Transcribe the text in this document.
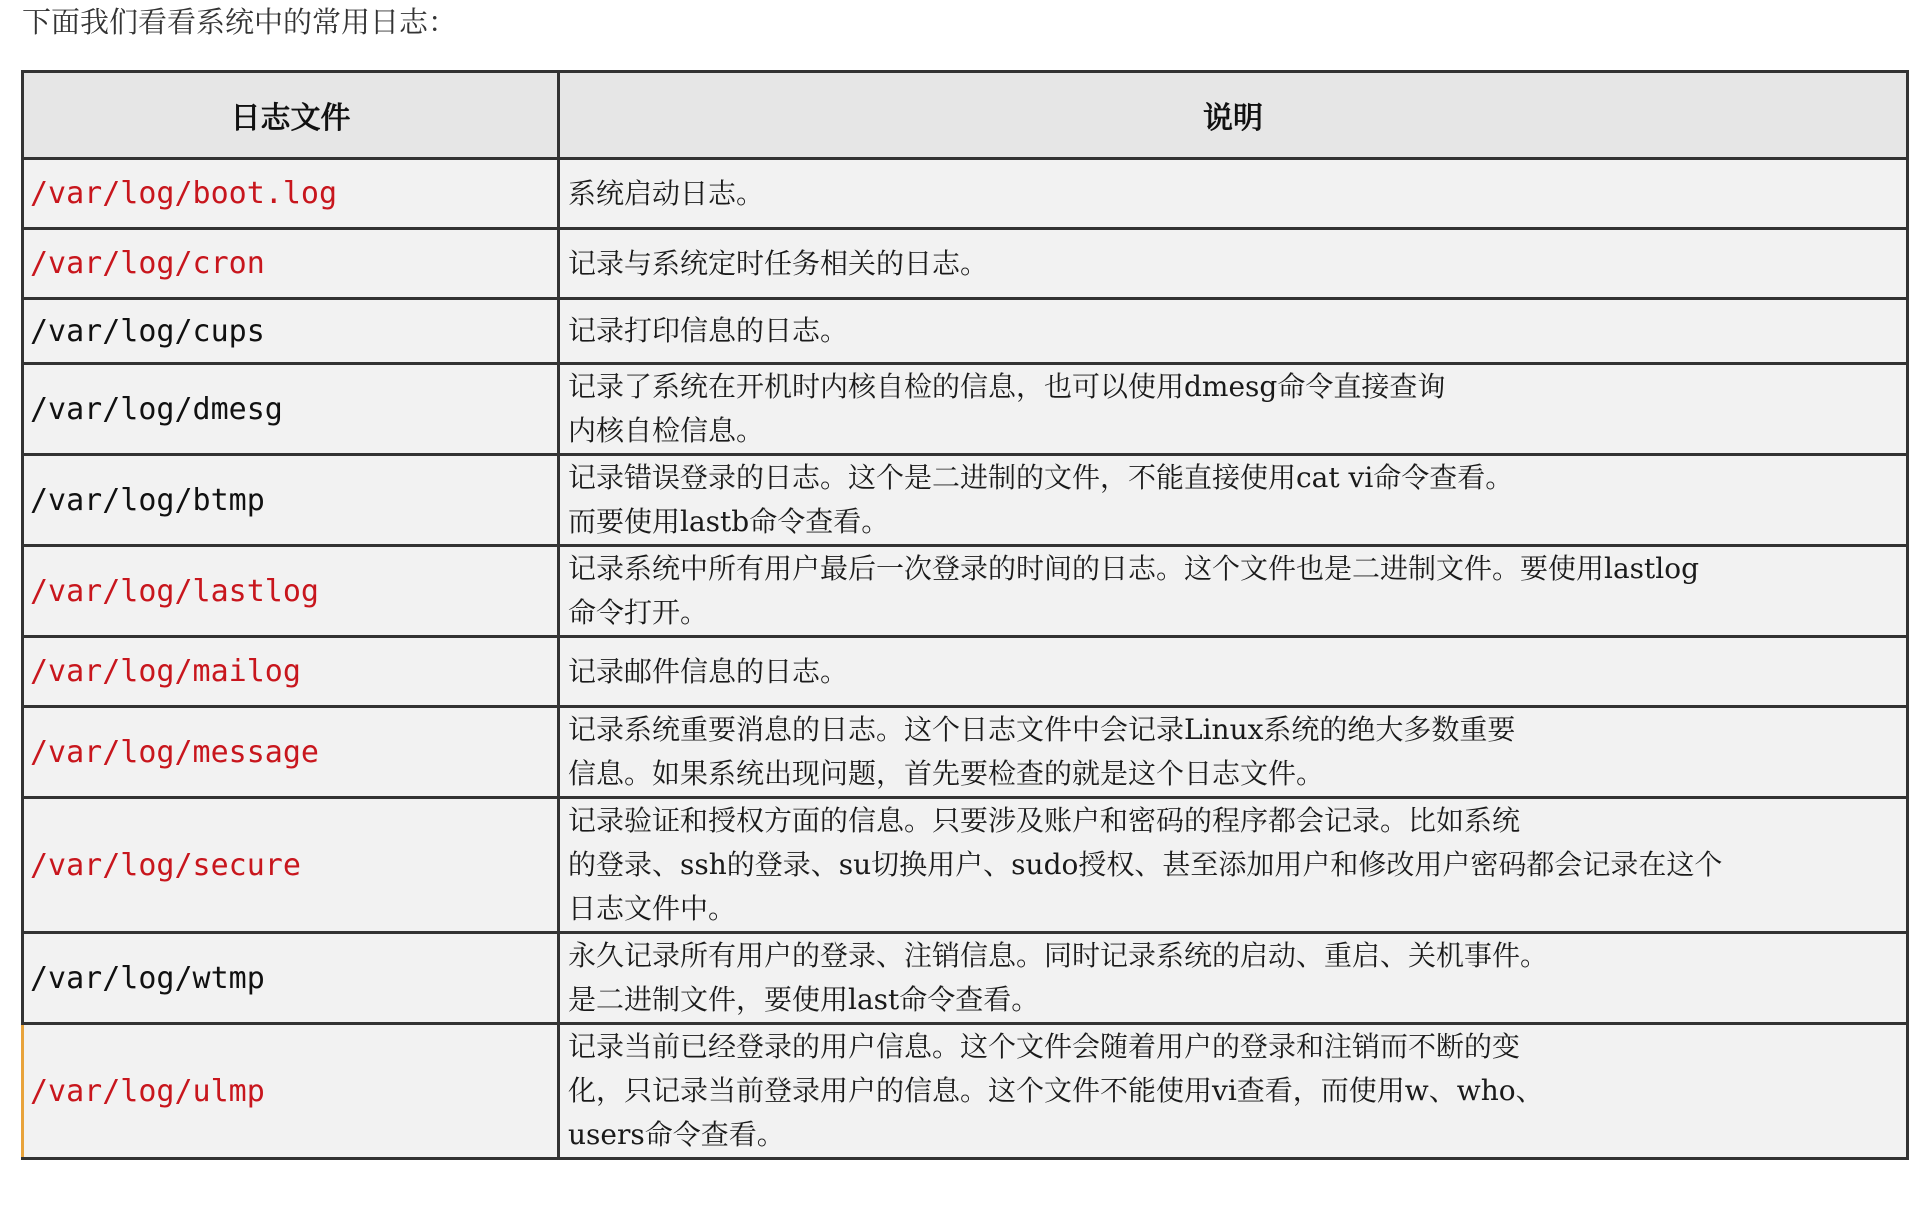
下面我们看看系统中的常用日志：
日志文件	说明
/var/log/boot.log	系统启动日志。

/var/log/cron	记录与系统定时任务相关的日志。

/var/log/cups	记录打印信息的日志。

/var/log/dmesg	记录了系统在开机时内核自检的信息，也可以使用dmesg命令直接查询
内核自检信息。

/var/log/btmp	记录错误登录的日志。这个是二进制的文件，不能直接使用cat vi命令查看。
而要使用lastb命令查看。

/var/log/lastlog	记录系统中所有用户最后一次登录的时间的日志。这个文件也是二进制文件。要使用lastlog
命令打开。

/var/log/mailog	记录邮件信息的日志。

/var/log/message	记录系统重要消息的日志。这个日志文件中会记录Linux系统的绝大多数重要
信息。如果系统出现问题，首先要检查的就是这个日志文件。

/var/log/secure	记录验证和授权方面的信息。只要涉及账户和密码的程序都会记录。比如系统
的登录、ssh的登录、su切换用户、sudo授权、甚至添加用户和修改用户密码都会记录在这个
日志文件中。

/var/log/wtmp	永久记录所有用户的登录、注销信息。同时记录系统的启动、重启、关机事件。
是二进制文件，要使用last命令查看。

/var/log/ulmp	记录当前已经登录的用户信息。这个文件会随着用户的登录和注销而不断的变
化，只记录当前登录用户的信息。这个文件不能使用vi查看，而使用w、who、
users命令查看。
